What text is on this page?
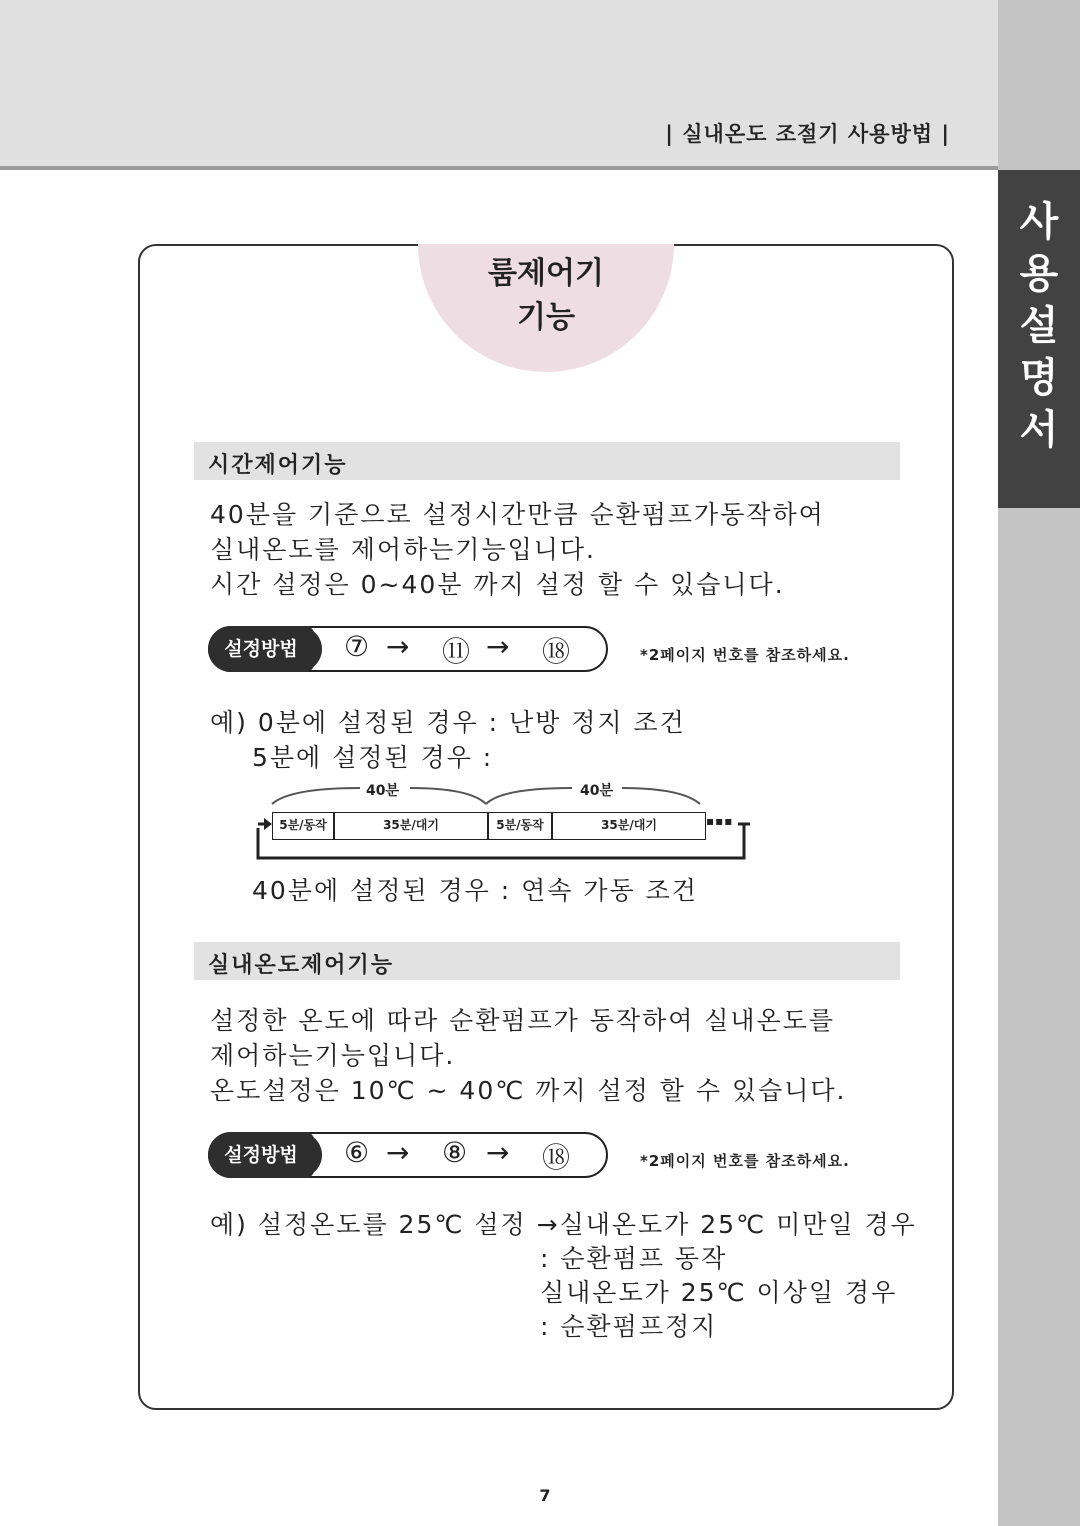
| 실내온도 조절기 사용방법 |
사
용
설
명
서
룸제어기
기능
시간제어기능
40분을 기준으로 설정시간만큼 순환펌프가동작하여
실내온도를 제어하는기능입니다.
시간 설정은 0~40분 까지 설정 할 수 있습니다.
설정방법	⑦ → ⑪ → ⑱	*2페이지 번호를 참조하세요.
예) 0분에 설정된 경우 : 난방 정지 조건
5분에 설정된 경우 :
40분	40분
5분/동작	35분/대기	5분/동작	35분/대기	▪▪▪
40분에 설정된 경우 : 연속 가동 조건
실내온도제어기능
설정한 온도에 따라 순환펌프가 동작하여 실내온도를
제어하는기능입니다.
온도설정은 10℃ ~ 40℃ 까지 설정 할 수 있습니다.
설정방법	⑥ → ⑧ → ⑱	*2페이지 번호를 참조하세요.
예) 설정온도를 25℃ 설정 →실내온도가 25℃ 미만일 경우
: 순환펌프 동작
실내온도가 25℃ 이상일 경우
: 순환펌프정지
7
